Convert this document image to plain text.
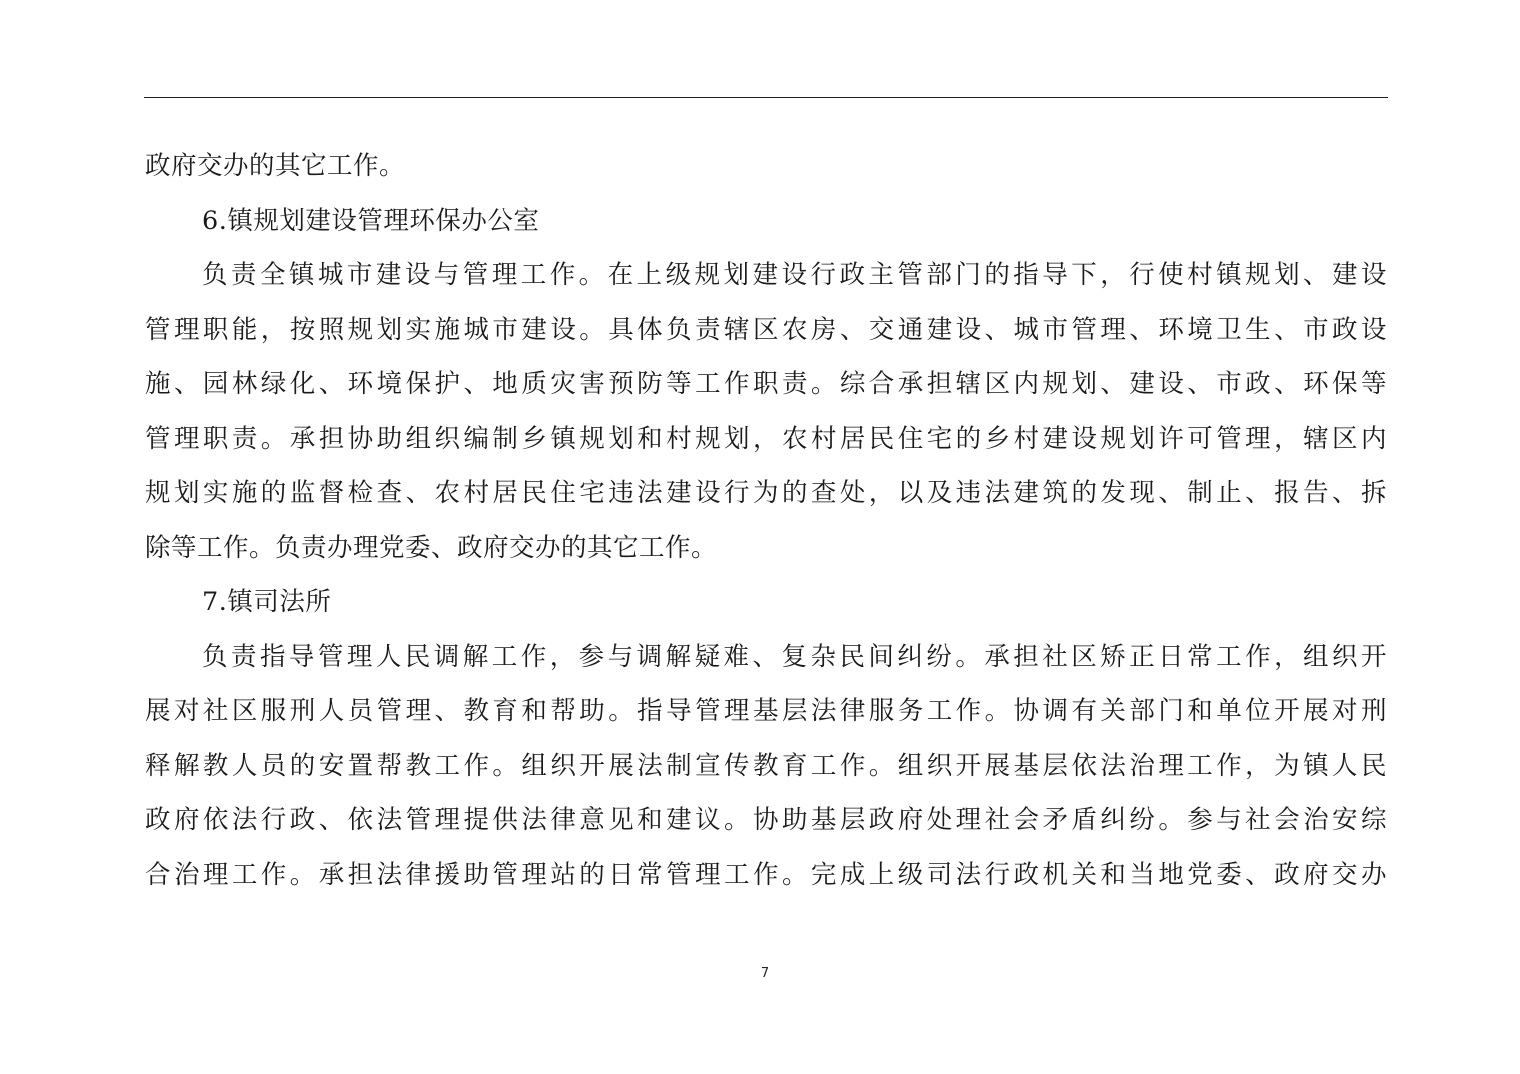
政府交办的其它工作。
6.镇规划建设管理环保办公室
负责全镇城市建设与管理工作。在上级规划建设行政主管部门的指导下，行使村镇规划、建设
管理职能，按照规划实施城市建设。具体负责辖区农房、交通建设、城市管理、环境卫生、市政设
施、园林绿化、环境保护、地质灾害预防等工作职责。综合承担辖区内规划、建设、市政、环保等
管理职责。承担协助组织编制乡镇规划和村规划，农村居民住宅的乡村建设规划许可管理，辖区内
规划实施的监督检查、农村居民住宅违法建设行为的查处，以及违法建筑的发现、制止、报告、拆
除等工作。负责办理党委、政府交办的其它工作。
7.镇司法所
负责指导管理人民调解工作，参与调解疑难、复杂民间纠纷。承担社区矫正日常工作，组织开
展对社区服刑人员管理、教育和帮助。指导管理基层法律服务工作。协调有关部门和单位开展对刑
释解教人员的安置帮教工作。组织开展法制宣传教育工作。组织开展基层依法治理工作，为镇人民
政府依法行政、依法管理提供法律意见和建议。协助基层政府处理社会矛盾纠纷。参与社会治安综
合治理工作。承担法律援助管理站的日常管理工作。完成上级司法行政机关和当地党委、政府交办
7
